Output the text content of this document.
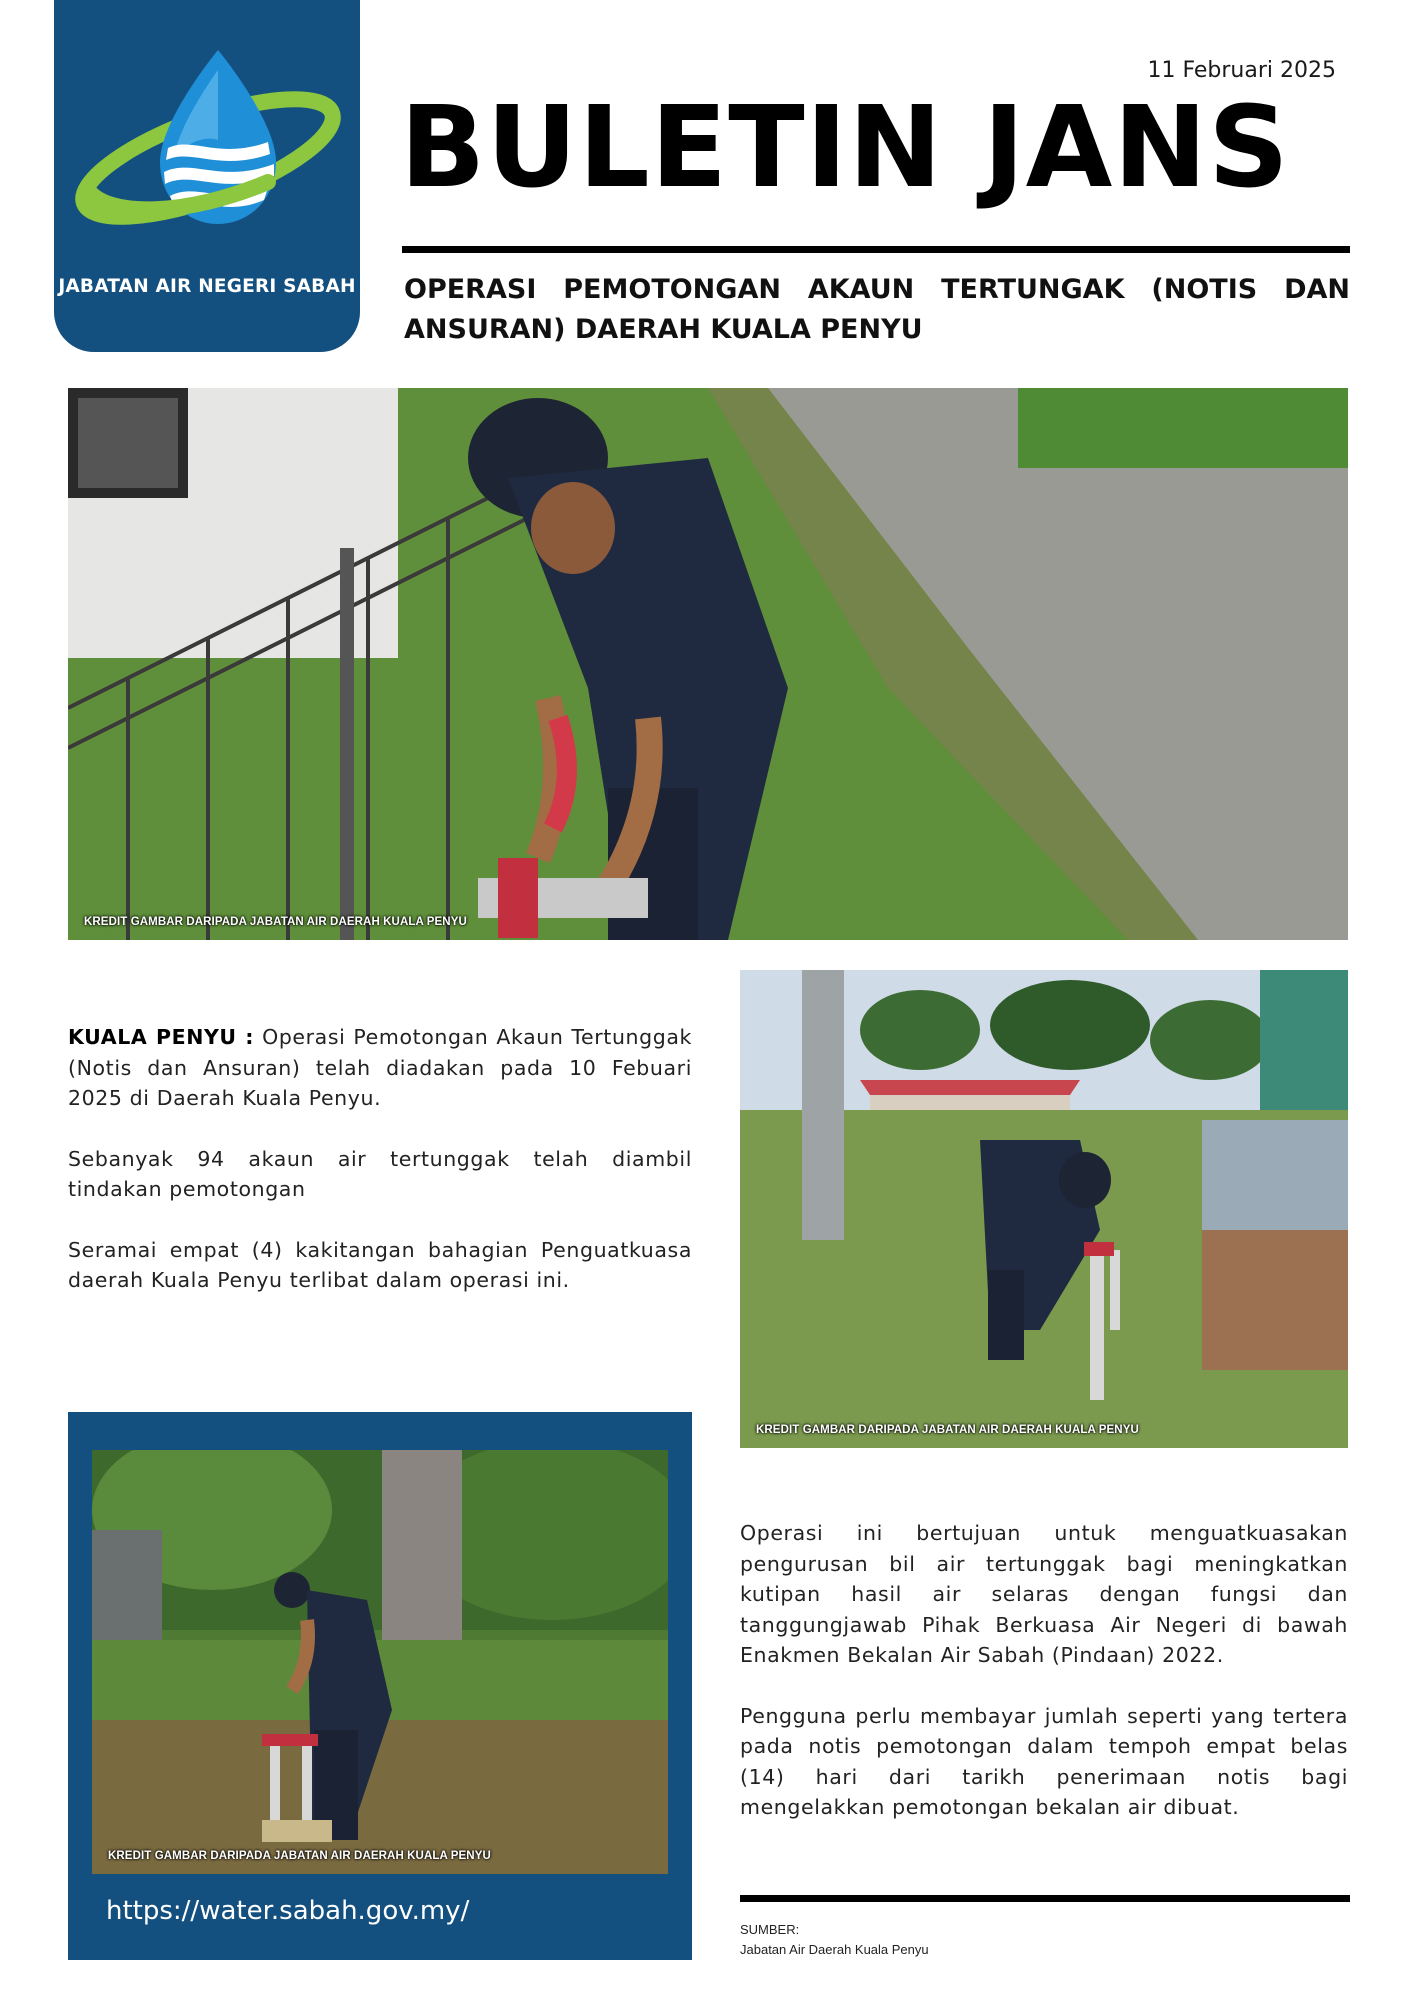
JABATAN AIR NEGERI SABAH
11 Februari 2025
BULETIN JANS
OPERASI PEMOTONGAN AKAUN TERTUNGAK (NOTIS DAN ANSURAN) DAERAH KUALA PENYU
KREDIT GAMBAR DARIPADA JABATAN AIR DAERAH KUALA PENYU

KUALA PENYU : Operasi Pemotongan Akaun Tertunggak (Notis dan Ansuran) telah diadakan pada 10 Febuari 2025 di Daerah Kuala Penyu.

Sebanyak 94 akaun air tertunggak telah diambil tindakan pemotongan

Seramai empat (4) kakitangan bahagian Penguatkuasa daerah Kuala Penyu terlibat dalam operasi ini.

KREDIT GAMBAR DARIPADA JABATAN AIR DAERAH KUALA PENYU
KREDIT GAMBAR DARIPADA JABATAN AIR DAERAH KUALA PENYU
https://water.sabah.gov.my/

Operasi ini bertujuan untuk menguatkuasakan pengurusan bil air tertunggak bagi meningkatkan kutipan hasil air selaras dengan fungsi dan tanggungjawab Pihak Berkuasa Air Negeri di bawah Enakmen Bekalan Air Sabah (Pindaan) 2022.

Pengguna perlu membayar jumlah seperti yang tertera pada notis pemotongan dalam tempoh empat belas (14) hari dari tarikh penerimaan notis bagi mengelakkan pemotongan bekalan air dibuat.

SUMBER:
Jabatan Air Daerah Kuala Penyu
